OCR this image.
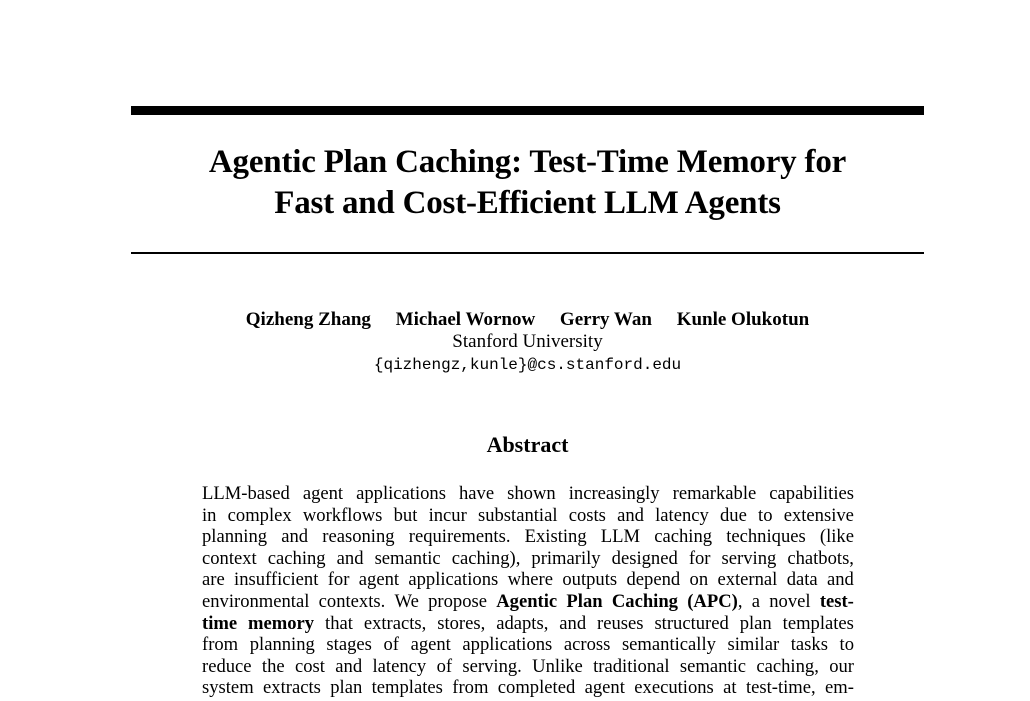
Agentic Plan Caching: Test-Time Memory for
Fast and Cost-Efficient LLM Agents
Qizheng Zhang Michael Wornow Gerry Wan Kunle Olukotun
Stanford University
{qizhengz,kunle}@cs.stanford.edu
Abstract
LLM-based agent applications have shown increasingly remarkable capabilities
in complex workflows but incur substantial costs and latency due to extensive
planning and reasoning requirements. Existing LLM caching techniques (like
context caching and semantic caching), primarily designed for serving chatbots,
are insufficient for agent applications where outputs depend on external data and
environmental contexts. We propose Agentic Plan Caching (APC), a novel test-
time memory that extracts, stores, adapts, and reuses structured plan templates
from planning stages of agent applications across semantically similar tasks to
reduce the cost and latency of serving. Unlike traditional semantic caching, our
system extracts plan templates from completed agent executions at test-time, em-
